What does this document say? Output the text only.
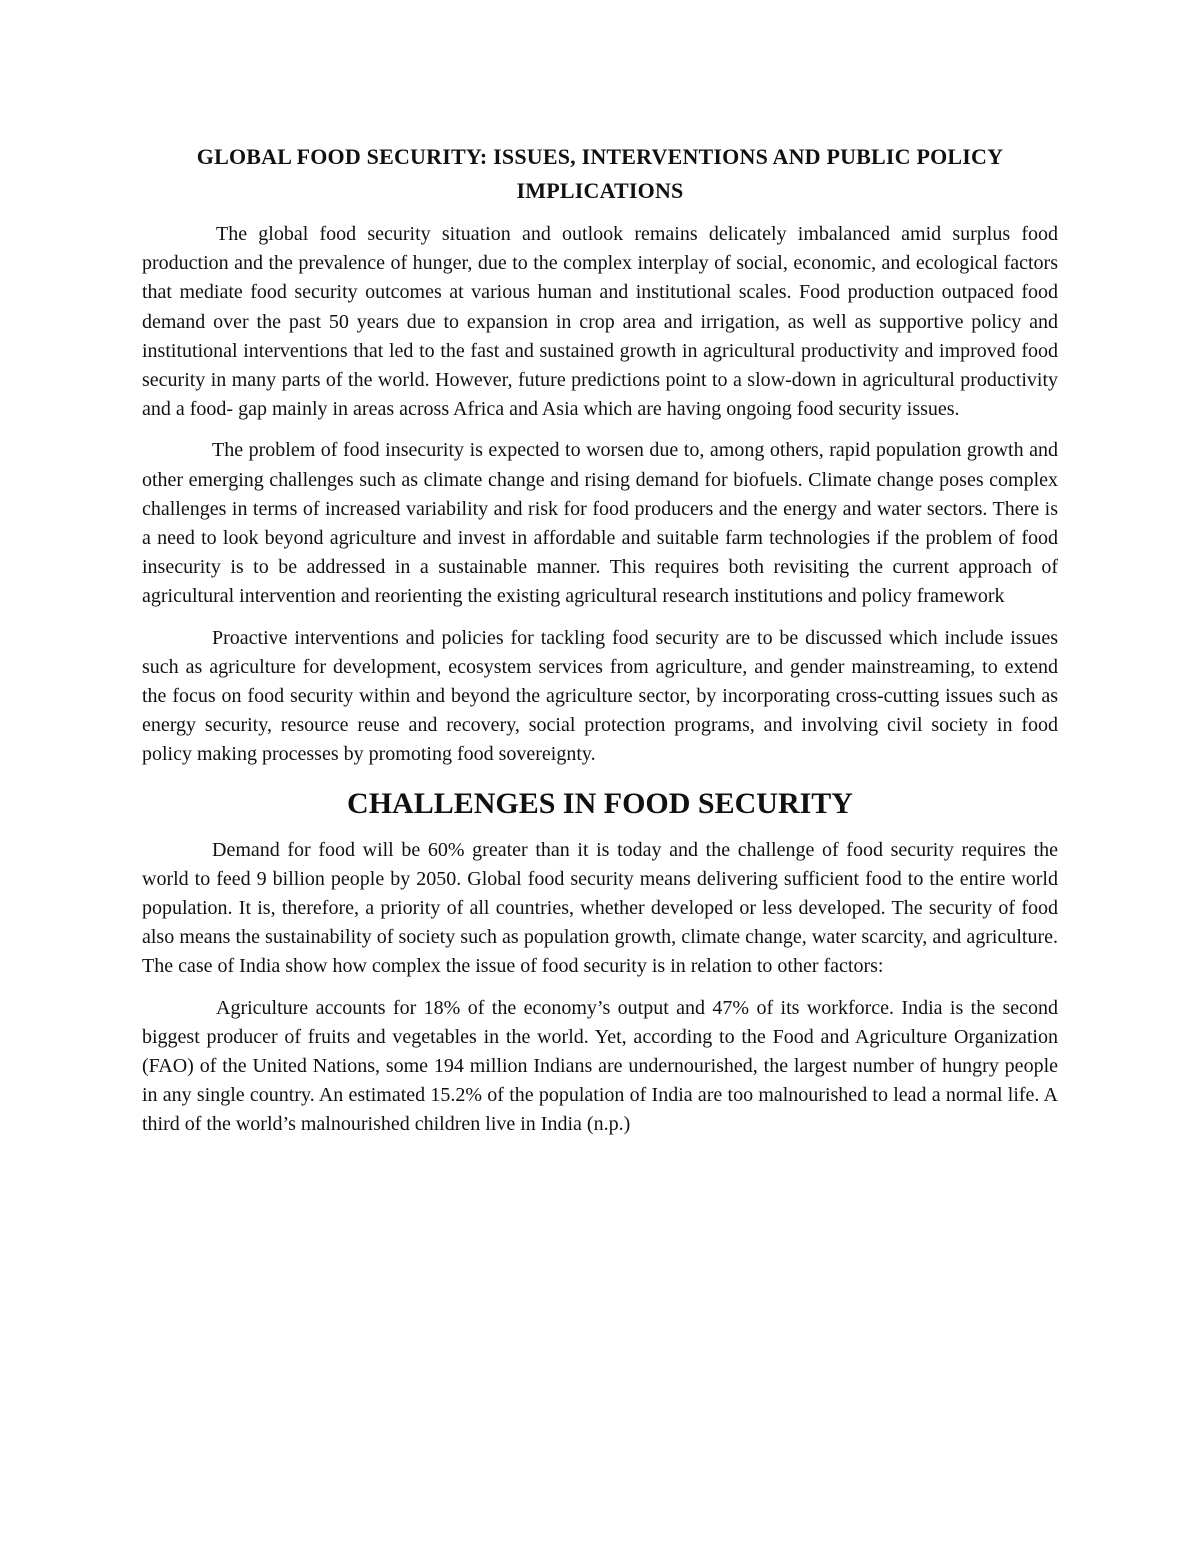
GLOBAL FOOD SECURITY: ISSUES, INTERVENTIONS AND PUBLIC POLICY IMPLICATIONS

The global food security situation and outlook remains delicately imbalanced amid surplus food production and the prevalence of hunger, due to the complex interplay of social, economic, and ecological factors that mediate food security outcomes at various human and institutional scales. Food production outpaced food demand over the past 50 years due to expansion in crop area and irrigation, as well as supportive policy and institutional interventions that led to the fast and sustained growth in agricultural productivity and improved food security in many parts of the world. However, future predictions point to a slow-down in agricultural productivity and a food- gap mainly in areas across Africa and Asia which are having ongoing food security issues.

The problem of food insecurity is expected to worsen due to, among others, rapid population growth and other emerging challenges such as climate change and rising demand for biofuels. Climate change poses complex challenges in terms of increased variability and risk for food producers and the energy and water sectors. There is a need to look beyond agriculture and invest in affordable and suitable farm technologies if the problem of food insecurity is to be addressed in a sustainable manner. This requires both revisiting the current approach of agricultural intervention and reorienting the existing agricultural research institutions and policy framework

Proactive interventions and policies for tackling food security are to be discussed which include issues such as agriculture for development, ecosystem services from agriculture, and gender mainstreaming, to extend the focus on food security within and beyond the agriculture sector, by incorporating cross-cutting issues such as energy security, resource reuse and recovery, social protection programs, and involving civil society in food policy making processes by promoting food sovereignty.

CHALLENGES IN FOOD SECURITY

Demand for food will be 60% greater than it is today and the challenge of food security requires the world to feed 9 billion people by 2050. Global food security means delivering sufficient food to the entire world population. It is, therefore, a priority of all countries, whether developed or less developed. The security of food also means the sustainability of society such as population growth, climate change, water scarcity, and agriculture. The case of India show how complex the issue of food security is in relation to other factors:

Agriculture accounts for 18% of the economy’s output and 47% of its workforce. India is the second biggest producer of fruits and vegetables in the world. Yet, according to the Food and Agriculture Organization (FAO) of the United Nations, some 194 million Indians are undernourished, the largest number of hungry people in any single country. An estimated 15.2% of the population of India are too malnourished to lead a normal life. A third of the world’s malnourished children live in India (n.p.)
